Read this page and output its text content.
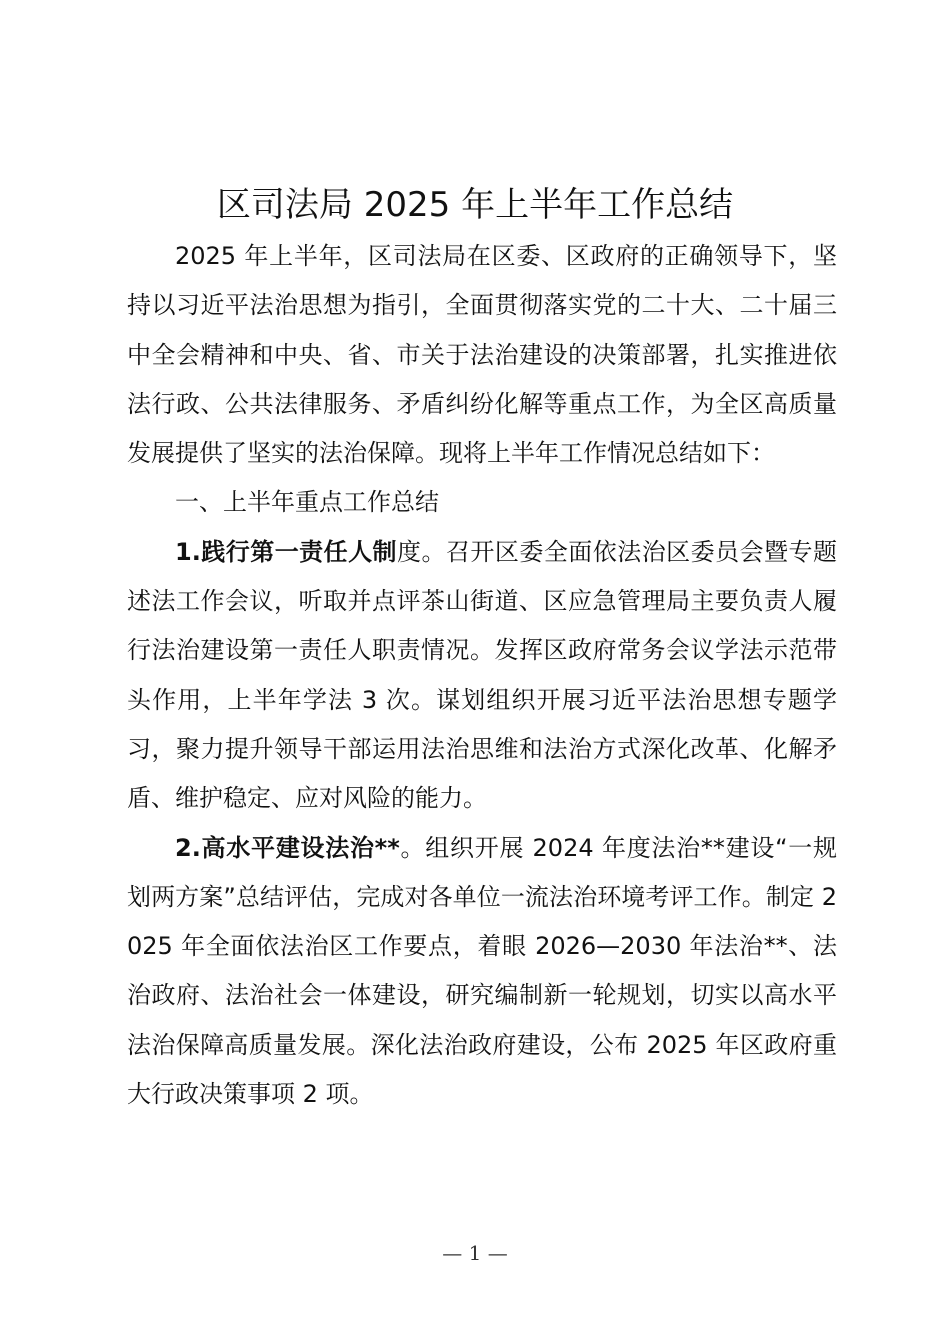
区司法局 2025 年上半年工作总结

2025 年上半年，区司法局在区委、区政府的正确领导下，坚持以习近平法治思想为指引，全面贯彻落实党的二十大、二十届三中全会精神和中央、省、市关于法治建设的决策部署，扎实推进依法行政、公共法律服务、矛盾纠纷化解等重点工作，为全区高质量发展提供了坚实的法治保障。现将上半年工作情况总结如下：

一、上半年重点工作总结

1.践行第一责任人制度。召开区委全面依法治区委员会暨专题述法工作会议，听取并点评茶山街道、区应急管理局主要负责人履行法治建设第一责任人职责情况。发挥区政府常务会议学法示范带头作用，上半年学法 3 次。谋划组织开展习近平法治思想专题学习，聚力提升领导干部运用法治思维和法治方式深化改革、化解矛盾、维护稳定、应对风险的能力。

2.高水平建设法治**。组织开展 2024 年度法治**建设“一规划两方案”总结评估，完成对各单位一流法治环境考评工作。制定 2025 年全面依法治区工作要点，着眼 2026—2030 年法治**、法治政府、法治社会一体建设，研究编制新一轮规划，切实以高水平法治保障高质量发展。深化法治政府建设，公布 2025 年区政府重大行政决策事项 2 项。

— 1 —
